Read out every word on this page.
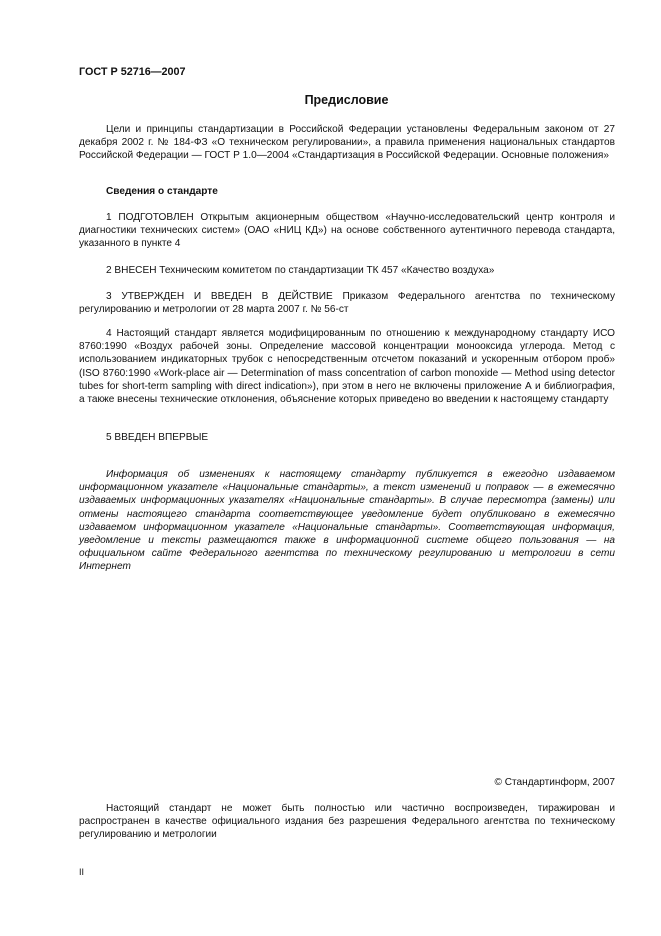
ГОСТ Р 52716—2007
Предисловие
Цели и принципы стандартизации в Российской Федерации установлены Федеральным законом от 27 декабря 2002 г. № 184-ФЗ «О техническом регулировании», а правила применения национальных стандартов Российской Федерации — ГОСТ Р 1.0—2004 «Стандартизация в Российской Федерации. Основные положения»
Сведения о стандарте
1 ПОДГОТОВЛЕН Открытым акционерным обществом «Научно-исследовательский центр контроля и диагностики технических систем» (ОАО «НИЦ КД») на основе собственного аутентичного перевода стандарта, указанного в пункте 4
2 ВНЕСЕН Техническим комитетом по стандартизации ТК 457 «Качество воздуха»
3 УТВЕРЖДЕН И ВВЕДЕН В ДЕЙСТВИЕ Приказом Федерального агентства по техническому регулированию и метрологии от 28 марта 2007 г. № 56-ст
4 Настоящий стандарт является модифицированным по отношению к международному стандарту ИСО 8760:1990 «Воздух рабочей зоны. Определение массовой концентрации монооксида углерода. Метод с использованием индикаторных трубок с непосредственным отсчетом показаний и ускоренным отбором проб» (ISO 8760:1990 «Work-place air — Determination of mass concentration of carbon monoxide — Method using detector tubes for short-term sampling with direct indication»), при этом в него не включены приложение А и библиография, а также внесены технические отклонения, объяснение которых приведено во введении к настоящему стандарту
5 ВВЕДЕН ВПЕРВЫЕ
Информация об изменениях к настоящему стандарту публикуется в ежегодно издаваемом информационном указателе «Национальные стандарты», а текст изменений и поправок — в ежемесячно издаваемых информационных указателях «Национальные стандарты». В случае пересмотра (замены) или отмены настоящего стандарта соответствующее уведомление будет опубликовано в ежемесячно издаваемом информационном указателе «Национальные стандарты». Соответствующая информация, уведомление и тексты размещаются также в информационной системе общего пользования — на официальном сайте Федерального агентства по техническому регулированию и метрологии в сети Интернет
© Стандартинформ, 2007
Настоящий стандарт не может быть полностью или частично воспроизведен, тиражирован и распространен в качестве официального издания без разрешения Федерального агентства по техническому регулированию и метрологии
II
